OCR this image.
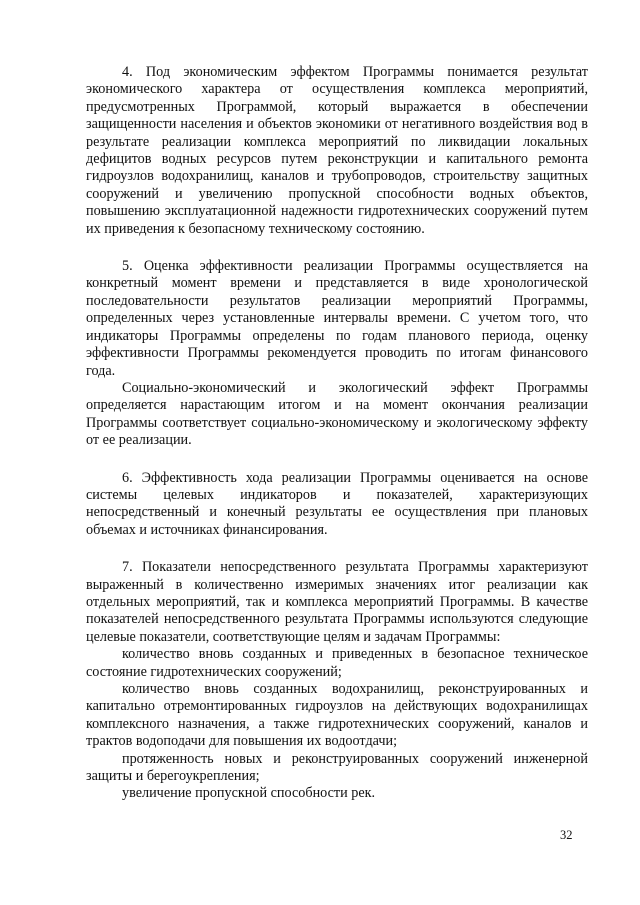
4. Под экономическим эффектом Программы понимается результат экономического характера от осуществления комплекса мероприятий, предусмотренных Программой, который выражается в обеспечении защищенности населения и объектов экономики от негативного воздействия вод в результате реализации комплекса мероприятий по ликвидации локальных дефицитов водных ресурсов путем реконструкции и капитального ремонта гидроузлов водохранилищ, каналов и трубопроводов, строительству защитных сооружений и увеличению пропускной способности водных объектов, повышению эксплуатационной надежности гидротехнических сооружений путем их приведения к безопасному техническому состоянию.

5. Оценка эффективности реализации Программы осуществляется на конкретный момент времени и представляется в виде хронологической последовательности результатов реализации мероприятий Программы, определенных через установленные интервалы времени. С учетом того, что индикаторы Программы определены по годам планового периода, оценку эффективности Программы рекомендуется проводить по итогам финансового года.

Социально-экономический и экологический эффект Программы определяется нарастающим итогом и на момент окончания реализации Программы соответствует социально-экономическому и экологическому эффекту от ее реализации.

6. Эффективность хода реализации Программы оценивается на основе системы целевых индикаторов и показателей, характеризующих непосредственный и конечный результаты ее осуществления при плановых объемах и источниках финансирования.

7. Показатели непосредственного результата Программы характеризуют выраженный в количественно измеримых значениях итог реализации как отдельных мероприятий, так и комплекса мероприятий Программы. В качестве показателей непосредственного результата Программы используются следующие целевые показатели, соответствующие целям и задачам Программы:

количество вновь созданных и приведенных в безопасное техническое состояние гидротехнических сооружений;

количество вновь созданных водохранилищ, реконструированных и капитально отремонтированных гидроузлов на действующих водохранилищах комплексного назначения, а также гидротехнических сооружений, каналов и трактов водоподачи для повышения их водоотдачи;

протяженность новых и реконструированных сооружений инженерной защиты и берегоукрепления;

увеличение пропускной способности рек.

32
